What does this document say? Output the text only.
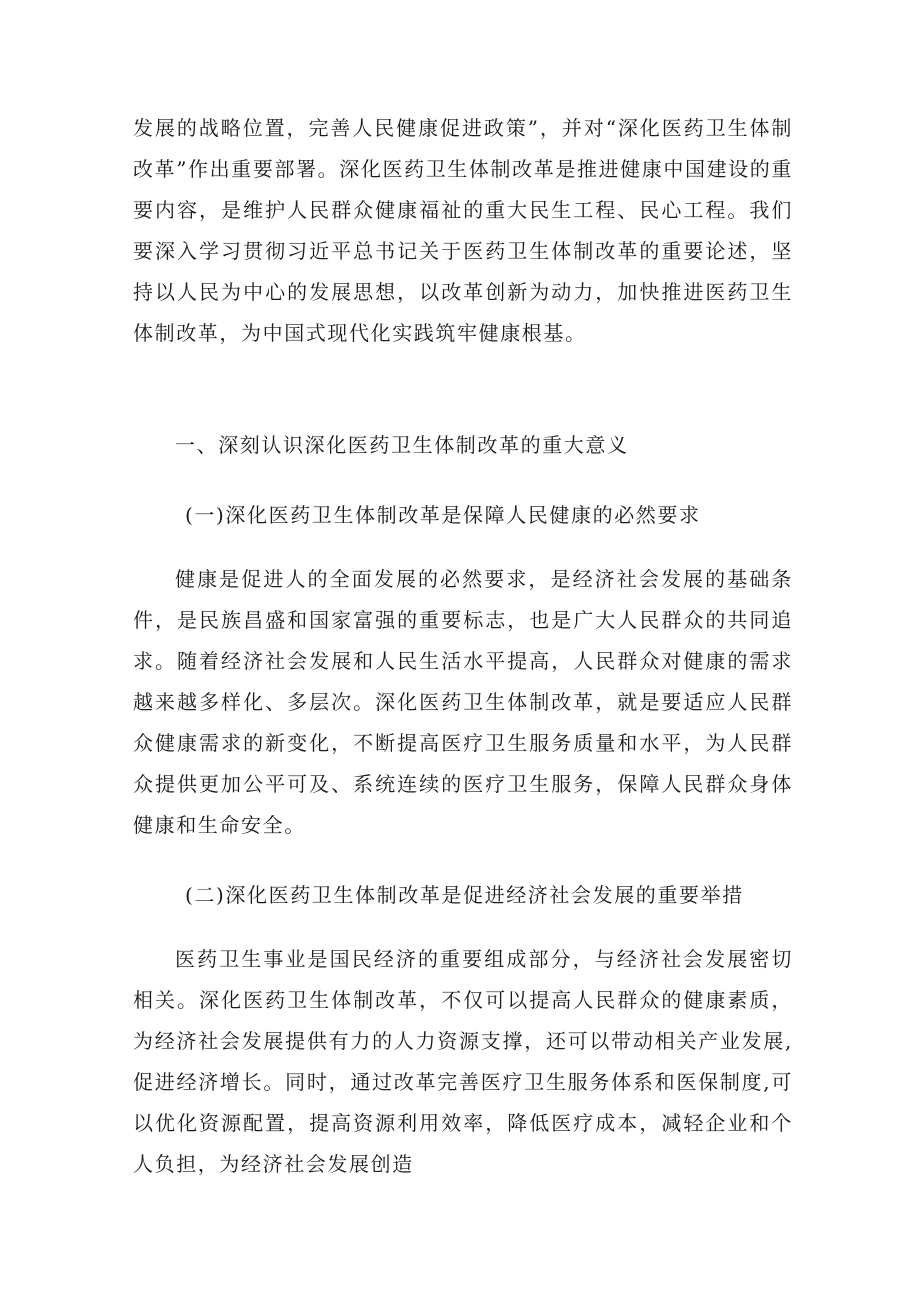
发展的战略位置，完善人民健康促进政策”，并对“深化医药卫生体制改革”作出重要部署。深化医药卫生体制改革是推进健康中国建设的重要内容，是维护人民群众健康福祉的重大民生工程、民心工程。我们要深入学习贯彻习近平总书记关于医药卫生体制改革的重要论述，坚持以人民为中心的发展思想，以改革创新为动力，加快推进医药卫生体制改革，为中国式现代化实践筑牢健康根基。

一、深刻认识深化医药卫生体制改革的重大意义

(一)深化医药卫生体制改革是保障人民健康的必然要求

健康是促进人的全面发展的必然要求，是经济社会发展的基础条件，是民族昌盛和国家富强的重要标志，也是广大人民群众的共同追求。随着经济社会发展和人民生活水平提高，人民群众对健康的需求越来越多样化、多层次。深化医药卫生体制改革，就是要适应人民群众健康需求的新变化，不断提高医疗卫生服务质量和水平，为人民群众提供更加公平可及、系统连续的医疗卫生服务，保障人民群众身体健康和生命安全。

(二)深化医药卫生体制改革是促进经济社会发展的重要举措

医药卫生事业是国民经济的重要组成部分，与经济社会发展密切相关。深化医药卫生体制改革，不仅可以提高人民群众的健康素质，为经济社会发展提供有力的人力资源支撑，还可以带动相关产业发展,促进经济增长。同时，通过改革完善医疗卫生服务体系和医保制度,可以优化资源配置，提高资源利用效率，降低医疗成本，减轻企业和个人负担，为经济社会发展创造
